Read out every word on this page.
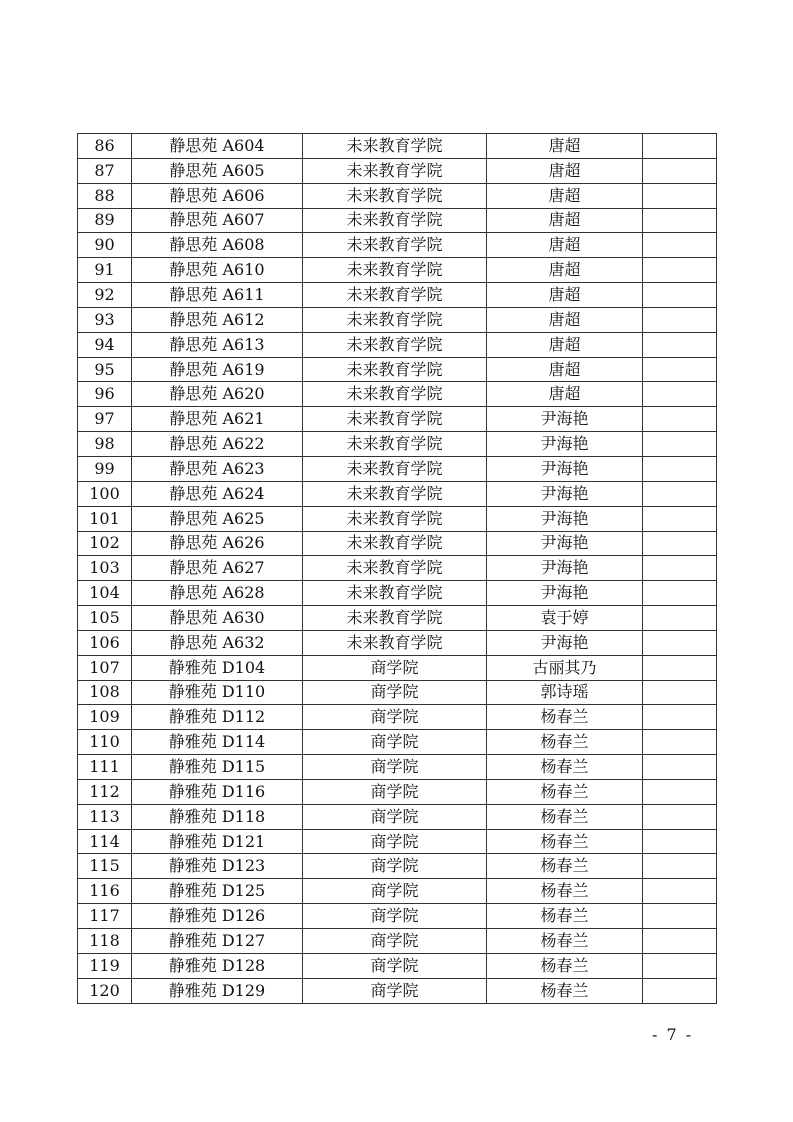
86	静思苑 A604	未来教育学院	唐超	
87	静思苑 A605	未来教育学院	唐超	
88	静思苑 A606	未来教育学院	唐超	
89	静思苑 A607	未来教育学院	唐超	
90	静思苑 A608	未来教育学院	唐超	
91	静思苑 A610	未来教育学院	唐超	
92	静思苑 A611	未来教育学院	唐超	
93	静思苑 A612	未来教育学院	唐超	
94	静思苑 A613	未来教育学院	唐超	
95	静思苑 A619	未来教育学院	唐超	
96	静思苑 A620	未来教育学院	唐超	
97	静思苑 A621	未来教育学院	尹海艳	
98	静思苑 A622	未来教育学院	尹海艳	
99	静思苑 A623	未来教育学院	尹海艳	
100	静思苑 A624	未来教育学院	尹海艳	
101	静思苑 A625	未来教育学院	尹海艳	
102	静思苑 A626	未来教育学院	尹海艳	
103	静思苑 A627	未来教育学院	尹海艳	
104	静思苑 A628	未来教育学院	尹海艳	
105	静思苑 A630	未来教育学院	袁于婷	
106	静思苑 A632	未来教育学院	尹海艳	
107	静雅苑 D104	商学院	古丽其乃	
108	静雅苑 D110	商学院	郭诗瑶	
109	静雅苑 D112	商学院	杨春兰	
110	静雅苑 D114	商学院	杨春兰	
111	静雅苑 D115	商学院	杨春兰	
112	静雅苑 D116	商学院	杨春兰	
113	静雅苑 D118	商学院	杨春兰	
114	静雅苑 D121	商学院	杨春兰	
115	静雅苑 D123	商学院	杨春兰	
116	静雅苑 D125	商学院	杨春兰	
117	静雅苑 D126	商学院	杨春兰	
118	静雅苑 D127	商学院	杨春兰	
119	静雅苑 D128	商学院	杨春兰	
120	静雅苑 D129	商学院	杨春兰	
- 7 -
